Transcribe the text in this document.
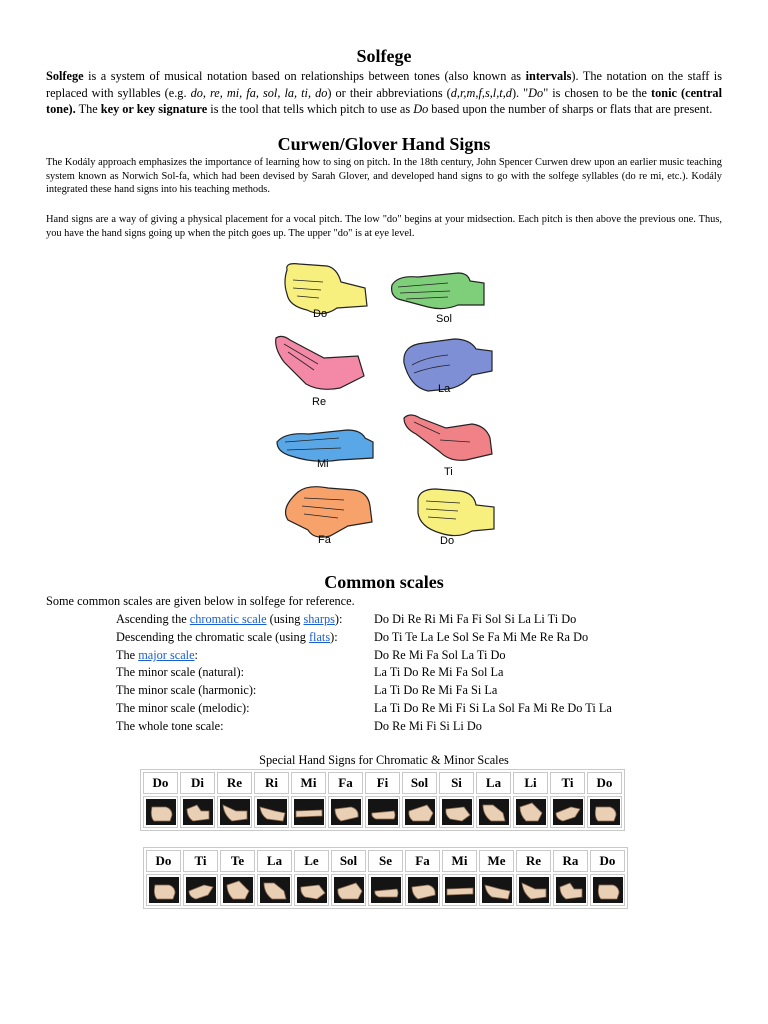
Solfege

Solfege is a system of musical notation based on relationships between tones (also known as intervals). The notation on the staff is replaced with syllables (e.g. do, re, mi, fa, sol, la, ti, do) or their abbreviations (d,r,m,f,s,l,t,d). "Do" is chosen to be the tonic (central tone). The key or key signature is the tool that tells which pitch to use as Do based upon the number of sharps or flats that are present.

Curwen/Glover Hand Signs

The Kodály approach emphasizes the importance of learning how to sing on pitch. In the 18th century, John Spencer Curwen drew upon an earlier music teaching system known as Norwich Sol-fa, which had been devised by Sarah Glover, and developed hand signs to go with the solfege syllables (do re mi, etc.). Kodály integrated these hand signs into his teaching methods.

Hand signs are a way of giving a physical placement for a vocal pitch. The low "do" begins at your midsection. Each pitch is then above the previous one. Thus, you have the hand signs going up when the pitch goes up. The upper "do" is at eye level.

Do	Sol
Re
La
Mi
Ti
Fa	Do
Common scales
Some common scales are given below in solfege for reference.
Ascending the chromatic scale (using sharps):	Do Di Re Ri Mi Fa Fi Sol Si La Li Ti Do
Descending the chromatic scale (using flats):	Do Ti Te La Le Sol Se Fa Mi Me Re Ra Do
The major scale:	Do Re Mi Fa Sol La Ti Do
The minor scale (natural):	La Ti Do Re Mi Fa Sol La
The minor scale (harmonic):	La Ti Do Re Mi Fa Si La
The minor scale (melodic):	La Ti Do Re Mi Fi Si La Sol Fa Mi Re Do Ti La
The whole tone scale:	Do Re Mi Fi Si Li Do
Special Hand Signs for Chromatic & Minor Scales
Do	Di	Re	Ri	Mi	Fa	Fi	Sol	Si	La	Li	Ti	Do

Do	Ti	Te	La	Le	Sol	Se	Fa	Mi	Me	Re	Ra	Do
